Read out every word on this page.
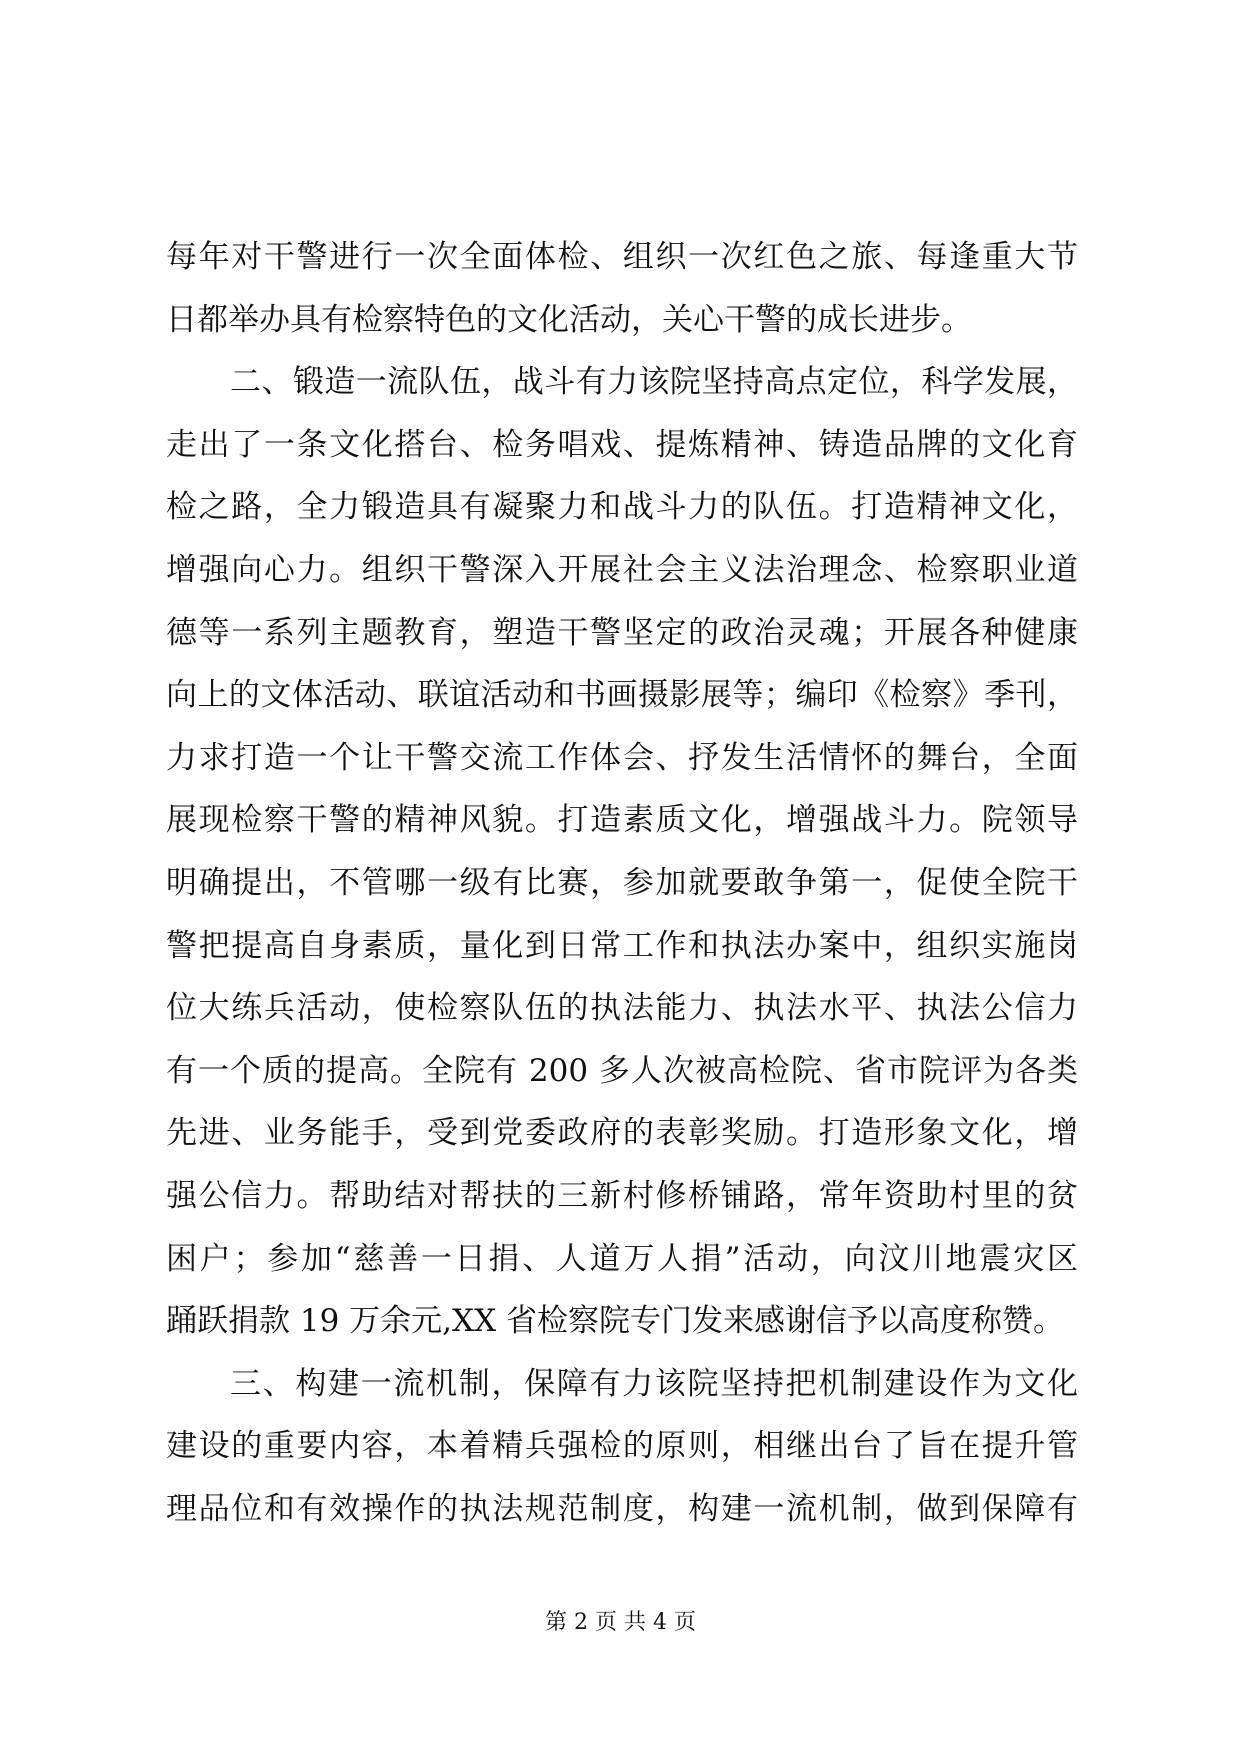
每年对干警进行一次全面体检、组织一次红色之旅、每逢重大节
日都举办具有检察特色的文化活动，关心干警的成长进步。
二、锻造一流队伍，战斗有力该院坚持高点定位，科学发展，
走出了一条文化搭台、检务唱戏、提炼精神、铸造品牌的文化育
检之路，全力锻造具有凝聚力和战斗力的队伍。打造精神文化，
增强向心力。组织干警深入开展社会主义法治理念、检察职业道
德等一系列主题教育，塑造干警坚定的政治灵魂；开展各种健康
向上的文体活动、联谊活动和书画摄影展等；编印《检察》季刊，
力求打造一个让干警交流工作体会、抒发生活情怀的舞台，全面
展现检察干警的精神风貌。打造素质文化，增强战斗力。院领导
明确提出，不管哪一级有比赛，参加就要敢争第一，促使全院干
警把提高自身素质，量化到日常工作和执法办案中，组织实施岗
位大练兵活动，使检察队伍的执法能力、执法水平、执法公信力
有一个质的提高。全院有 200 多人次被高检院、省市院评为各类
先进、业务能手，受到党委政府的表彰奖励。打造形象文化，增
强公信力。帮助结对帮扶的三新村修桥铺路，常年资助村里的贫
困户；参加“慈善一日捐、人道万人捐”活动，向汶川地震灾区
踊跃捐款 19 万余元,XX 省检察院专门发来感谢信予以高度称赞。
三、构建一流机制，保障有力该院坚持把机制建设作为文化
建设的重要内容，本着精兵强检的原则，相继出台了旨在提升管
理品位和有效操作的执法规范制度，构建一流机制，做到保障有
第 2 页 共 4 页
